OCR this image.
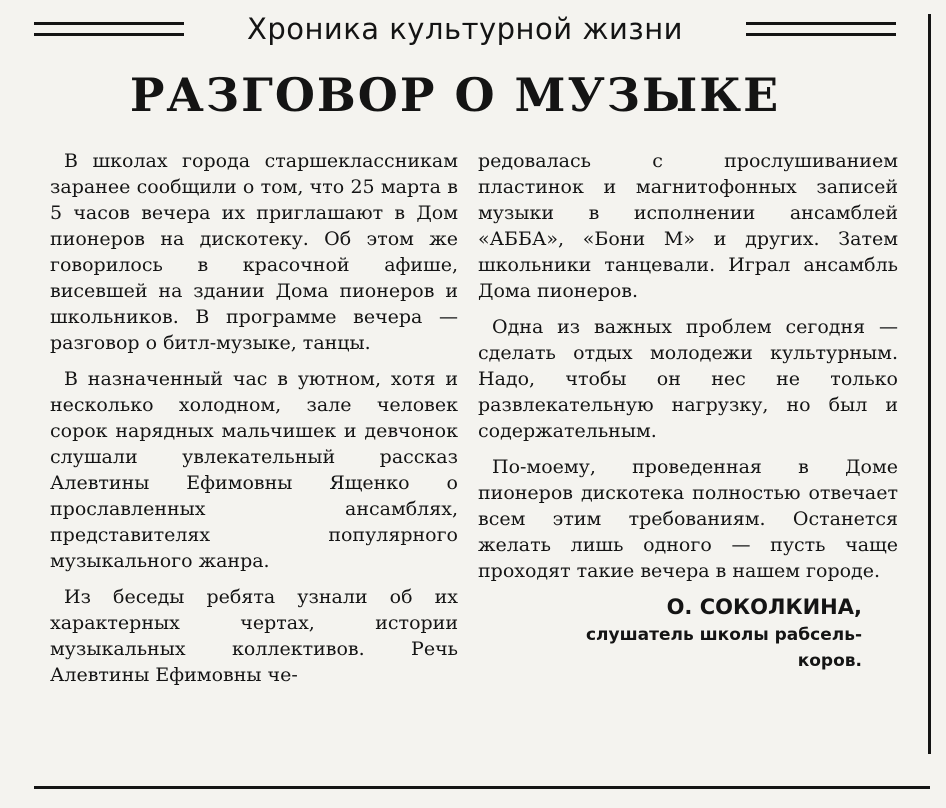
Хроника культурной жизни
РАЗГОВОР О МУЗЫКЕ

В школах города старшеклассникам заранее сообщили о том, что 25 марта в 5 часов вечера их приглашают в Дом пионеров на дискотеку. Об этом же говорилось в красочной афише, висевшей на здании Дома пионеров и школьников. В программе вечера — разговор о битл-музыке, танцы.

В назначенный час в уютном, хотя и несколько холодном, зале человек сорок нарядных мальчишек и девчонок слушали увлекательный рассказ Алевтины Ефимовны Ященко о прославленных ансамблях, представителях популярного музыкального жанра.

Из беседы ребята узнали об их характерных чертах, истории музыкальных коллективов. Речь Алевтины Ефимовны че-

редовалась с прослушиванием пластинок и магнитофонных записей музыки в исполнении ансамблей «АББА», «Бони М» и других. Затем школьники танцевали. Играл ансамбль Дома пионеров.

Одна из важных проблем сегодня — сделать отдых молодежи культурным. Надо, чтобы он нес не только развлекательную нагрузку, но был и содержательным.

По-моему, проведенная в Доме пионеров дискотека полностью отвечает всем этим требованиям. Останется желать лишь одного — пусть чаще проходят такие вечера в нашем городе.

О. СОКОЛКИНА,
слушатель школы рабсель-
коров.
